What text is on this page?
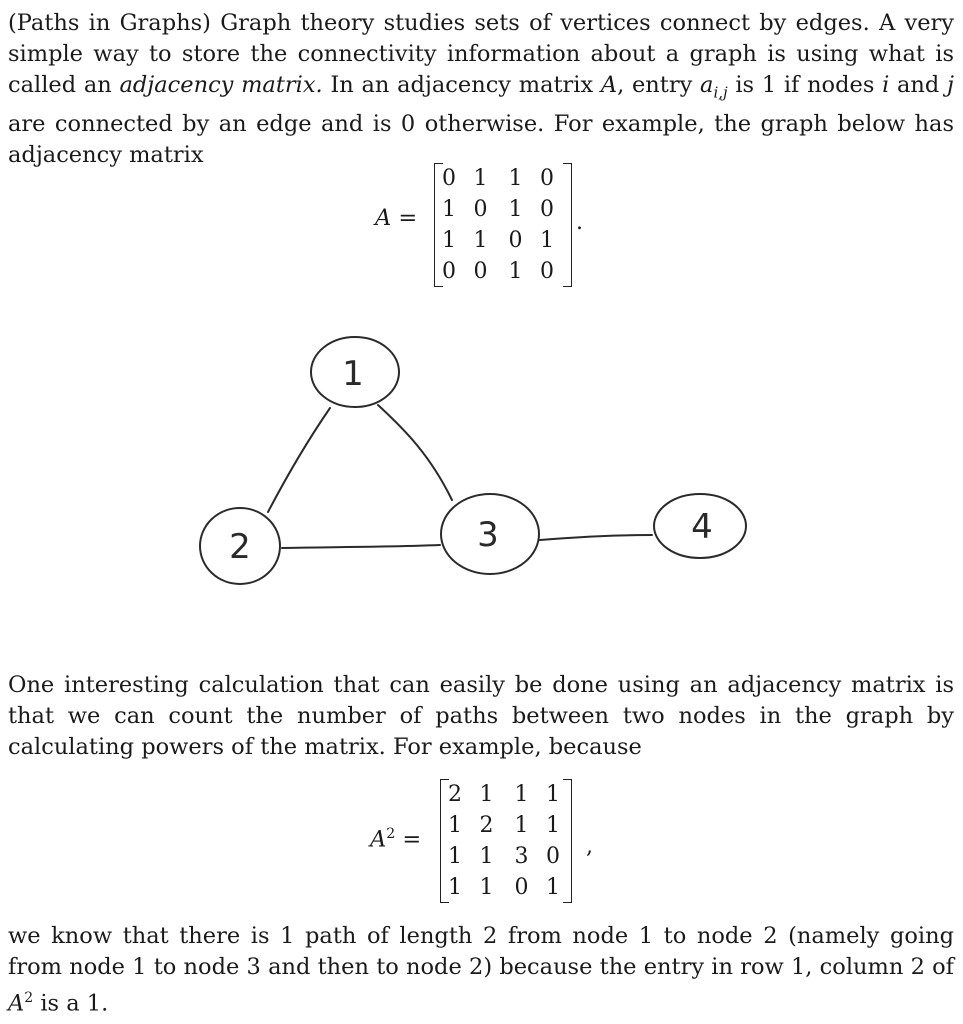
(Paths in Graphs) Graph theory studies sets of vertices connect by edges. A very simple way to store the connectivity information about a graph is using what is called an adjacency matrix. In an adjacency matrix A, entry $a_{i,j}$ is 1 if nodes i and j are connected by an edge and is 0 otherwise. For example, the graph below has adjacency matrix

A =
0 1 1 0
1 0 1 0
1 1 0 1
0 0 1 0
.
1
2	3	4

One interesting calculation that can easily be done using an adjacency matrix is that we can count the number of paths between two nodes in the graph by calculating powers of the matrix. For example, because

$A^2$ =
2 1 1 1
1 2 1 1
1 1 3 0
1 1 0 1
,

we know that there is 1 path of length 2 from node 1 to node 2 (namely going from node 1 to node 3 and then to node 2) because the entry in row 1, column 2 of $A^2$ is a 1.
